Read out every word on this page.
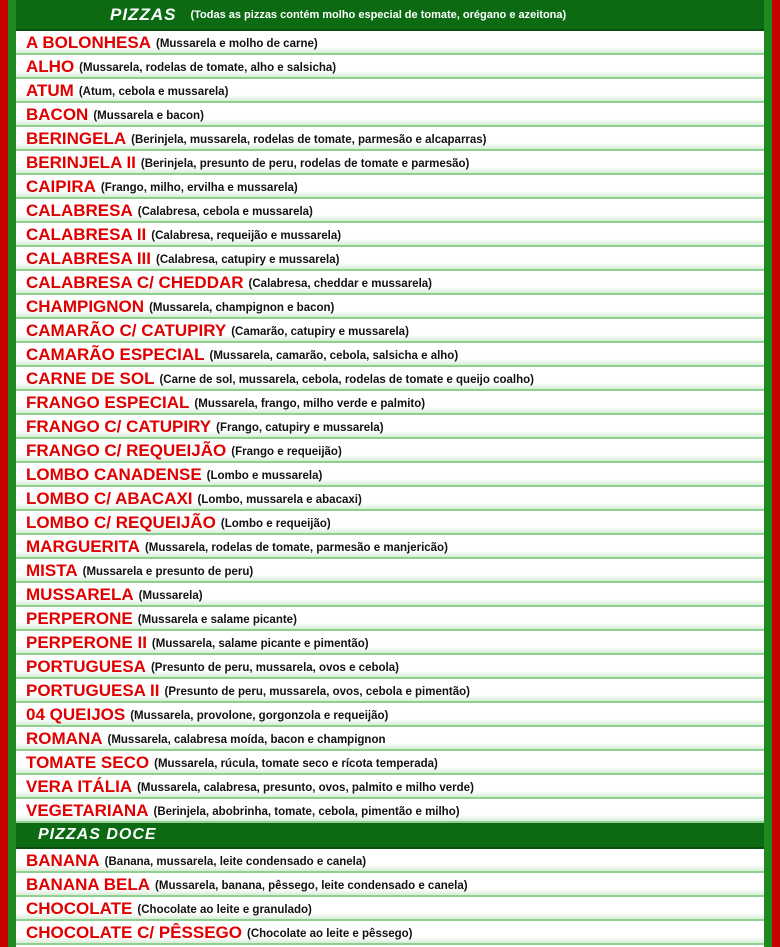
PIZZAS (Todas as pizzas contém molho especial de tomate, orégano e azeitona)
A BOLONHESA (Mussarela e molho de carne)
ALHO (Mussarela, rodelas de tomate, alho e salsicha)
ATUM (Atum, cebola e mussarela)
BACON (Mussarela e bacon)
BERINGELA (Berinjela, mussarela, rodelas de tomate, parmesão e alcaparras)
BERINJELA II (Berinjela, presunto de peru, rodelas de tomate e parmesão)
CAIPIRA (Frango, milho, ervilha e mussarela)
CALABRESA (Calabresa, cebola e mussarela)
CALABRESA II (Calabresa, requeijão e mussarela)
CALABRESA III (Calabresa, catupiry e mussarela)
CALABRESA C/ CHEDDAR (Calabresa, cheddar e mussarela)
CHAMPIGNON (Mussarela, champignon e bacon)
CAMARÃO C/ CATUPIRY (Camarão, catupiry e mussarela)
CAMARÃO ESPECIAL (Mussarela, camarão, cebola, salsicha e alho)
CARNE DE SOL (Carne de sol, mussarela, cebola, rodelas de tomate e queijo coalho)
FRANGO ESPECIAL (Mussarela, frango, milho verde e palmito)
FRANGO C/ CATUPIRY (Frango, catupiry e mussarela)
FRANGO C/ REQUEIJÃO (Frango e requeijão)
LOMBO CANADENSE (Lombo e mussarela)
LOMBO C/ ABACAXI (Lombo, mussarela e abacaxi)
LOMBO C/ REQUEIJÃO (Lombo e requeijão)
MARGUERITA (Mussarela, rodelas de tomate, parmesão e manjericão)
MISTA (Mussarela e presunto de peru)
MUSSARELA (Mussarela)
PERPERONE (Mussarela e salame picante)
PERPERONE II (Mussarela, salame picante e pimentão)
PORTUGUESA (Presunto de peru, mussarela, ovos e cebola)
PORTUGUESA II (Presunto de peru, mussarela, ovos, cebola e pimentão)
04 QUEIJOS (Mussarela, provolone, gorgonzola e requeijão)
ROMANA (Mussarela, calabresa moída, bacon e champignon
TOMATE SECO (Mussarela, rúcula, tomate seco e rícota temperada)
VERA ITÁLIA (Mussarela, calabresa, presunto, ovos, palmito e milho verde)
VEGETARIANA (Berinjela, abobrinha, tomate, cebola, pimentão e milho)
PIZZAS DOCE
BANANA (Banana, mussarela, leite condensado e canela)
BANANA BELA (Mussarela, banana, pêssego, leite condensado e canela)
CHOCOLATE (Chocolate ao leite e granulado)
CHOCOLATE C/ PÊSSEGO (Chocolate ao leite e pêssego)
